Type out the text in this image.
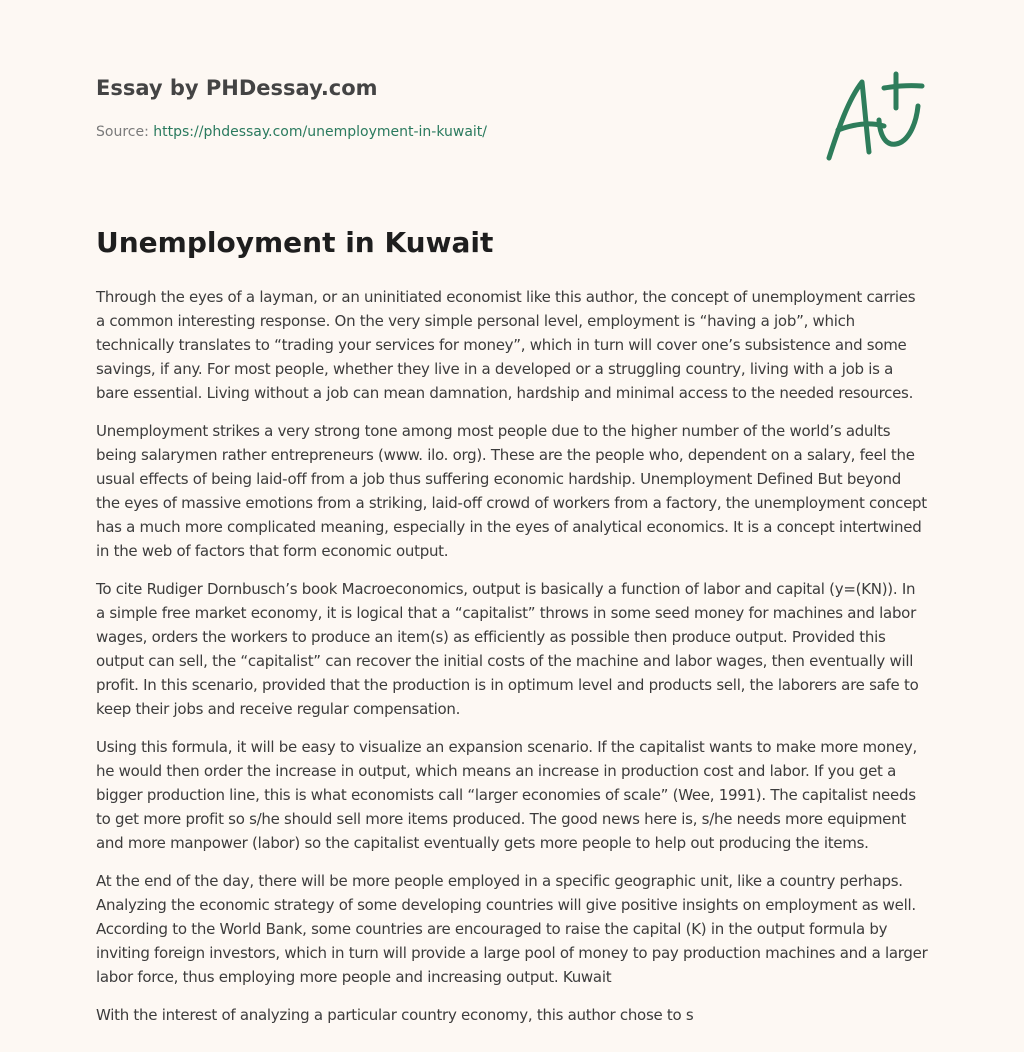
Essay by PHDessay.com
Source: https://phdessay.com/unemployment-in-kuwait/
Unemployment in Kuwait

Through the eyes of a layman, or an uninitiated economist like this author, the concept of unemployment carries a common interesting response. On the very simple personal level, employment is “having a job”, which technically translates to “trading your services for money”, which in turn will cover one’s subsistence and some savings, if any. For most people, whether they live in a developed or a struggling country, living with a job is a bare essential. Living without a job can mean damnation, hardship and minimal access to the needed resources.

Unemployment strikes a very strong tone among most people due to the higher number of the world’s adults being salarymen rather entrepreneurs (www. ilo. org). These are the people who, dependent on a salary, feel the usual effects of being laid-off from a job thus suffering economic hardship. Unemployment Defined But beyond the eyes of massive emotions from a striking, laid-off crowd of workers from a factory, the unemployment concept has a much more complicated meaning, especially in the eyes of analytical economics. It is a concept intertwined in the web of factors that form economic output.

To cite Rudiger Dornbusch’s book Macroeconomics, output is basically a function of labor and capital (y=(KN)). In a simple free market economy, it is logical that a “capitalist” throws in some seed money for machines and labor wages, orders the workers to produce an item(s) as efficiently as possible then produce output. Provided this output can sell, the “capitalist” can recover the initial costs of the machine and labor wages, then eventually will profit. In this scenario, provided that the production is in optimum level and products sell, the laborers are safe to keep their jobs and receive regular compensation.

Using this formula, it will be easy to visualize an expansion scenario. If the capitalist wants to make more money, he would then order the increase in output, which means an increase in production cost and labor. If you get a bigger production line, this is what economists call “larger economies of scale” (Wee, 1991). The capitalist needs to get more profit so s/he should sell more items produced. The good news here is, s/he needs more equipment and more manpower (labor) so the capitalist eventually gets more people to help out producing the items.

At the end of the day, there will be more people employed in a specific geographic unit, like a country perhaps. Analyzing the economic strategy of some developing countries will give positive insights on employment as well. According to the World Bank, some countries are encouraged to raise the capital (K) in the output formula by inviting foreign investors, which in turn will provide a large pool of money to pay production machines and a larger labor force, thus employing more people and increasing output. Kuwait

With the interest of analyzing a particular country economy, this author chose to s
